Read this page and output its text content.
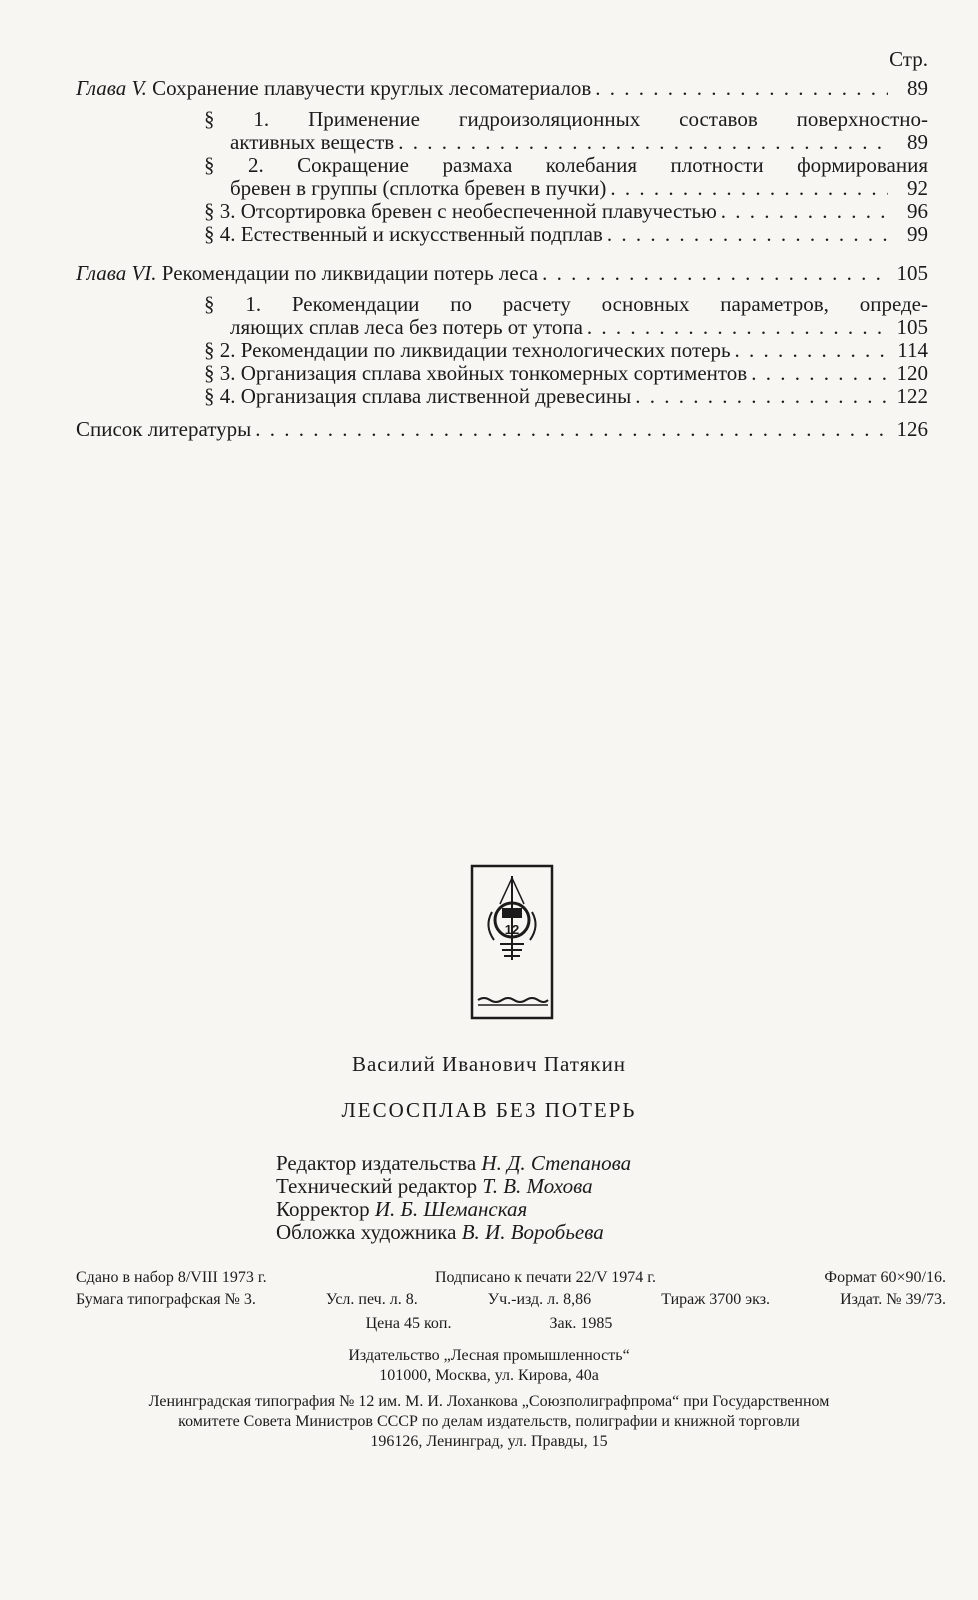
Стр.
Глава V. Сохранение плавучести круглых лесоматериалов . . .	89
§ 1. Применение гидроизоляционных составов поверхностно-
активных веществ . . .	89
§ 2. Сокращение размаха колебания плотности формирования
бревен в группы (сплотка бревен в пучки) . . .	92
§ 3. Отсортировка бревен с необеспеченной плавучестью . . .	96
§ 4. Естественный и искусственный подплав . . .	99
Глава VI. Рекомендации по ликвидации потерь леса . . .	105
§ 1. Рекомендации по расчету основных параметров, опреде-
ляющих сплав леса без потерь от утопа . . .	105
§ 2. Рекомендации по ликвидации технологических потерь . . .	114
§ 3. Организация сплава хвойных тонкомерных сортиментов . . .	120
§ 4. Организация сплава лиственной древесины . . .	122
Список литературы . . .	126
12
Василий Иванович Патякин
ЛЕСОСПЛАВ БЕЗ ПОТЕРЬ
Редактор издательства Н. Д. Степанова
Технический редактор Т. В. Мохова
Корректор И. Б. Шеманская
Обложка художника В. И. Воробьева
Сдано в набор 8/VIII 1973 г.	Подписано к печати 22/V 1974 г.	Формат 60×90/16.
Бумага типографская № 3.	Усл. печ. л. 8.	Уч.-изд. л. 8,86	Тираж 3700 экз.	Издат. № 39/73.
Цена 45 коп.	Зак. 1985
Издательство „Лесная промышленность“
101000, Москва, ул. Кирова, 40а
Ленинградская типография № 12 им. М. И. Лоханкова „Союзполиграфпрома“ при Государственном
комитете Совета Министров СССР по делам издательств, полиграфии и книжной торговли
196126, Ленинград, ул. Правды, 15
